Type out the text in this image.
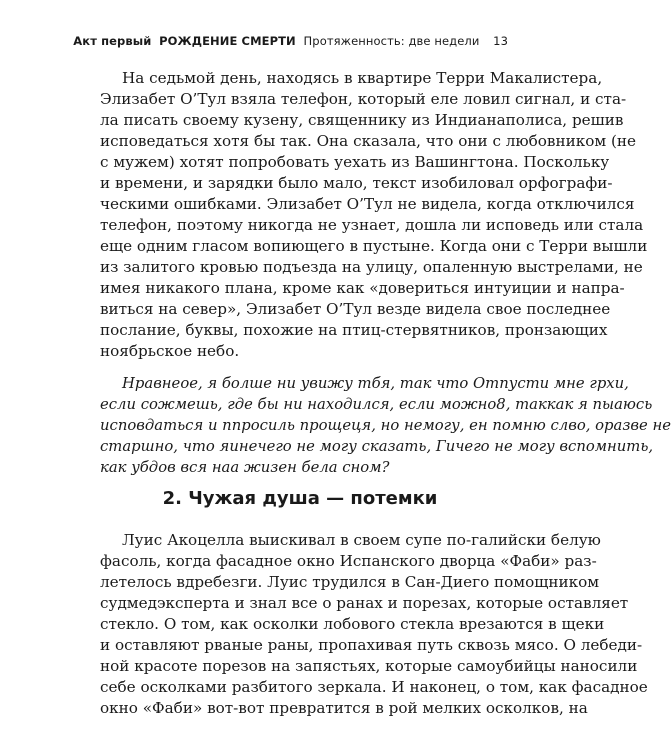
Акт первый РОЖДЕНИЕ СМЕРТИ Протяженность: две недели 13
На седьмой день, находясь в квартире Терри Макалистера,
Элизабет О’Тул взяла телефон, который еле ловил сигнал, и ста-
ла писать своему кузену, священнику из Индианаполиса, решив
исповедаться хотя бы так. Она сказала, что они с любовником (не
с мужем) хотят попробовать уехать из Вашингтона. Поскольку
и времени, и зарядки было мало, текст изобиловал орфографи-
ческими ошибками. Элизабет О’Тул не видела, когда отключился
телефон, поэтому никогда не узнает, дошла ли исповедь или стала
еще одним гласом вопиющего в пустыне. Когда они с Терри вышли
из залитого кровью подъезда на улицу, опаленную выстрелами, не
имея никакого плана, кроме как «довериться интуиции и напра-
виться на север», Элизабет О’Тул везде видела свое последнее
послание, буквы, похожие на птиц-стервятников, пронзающих
ноябрьское небо.
Нравнеое, я болше ни увижу тбя, так что Отпусти мне грхи,
если сожмешь, где бы ни находился, если можно8, таккак я пыаюсь
исповдаться и ппросиль прощеця, но немогу, ен помню слво, оразве не
старшно, что яинечего не могу сказать, Гичего не могу вспомнить,
как убдов вся наа жизен бела сном?
2. Чужая душа — потемки
Луис Акоцелла выискивал в своем супе по-галийски белую
фасоль, когда фасадное окно Испанского дворца «Фаби» раз-
летелось вдребезги. Луис трудился в Сан-Диего помощником
судмедэксперта и знал все о ранах и порезах, которые оставляет
стекло. О том, как осколки лобового стекла врезаются в щеки
и оставляют рваные раны, пропахивая путь сквозь мясо. О лебеди-
ной красоте порезов на запястьях, которые самоубийцы наносили
себе осколками разбитого зеркала. И наконец, о том, как фасадное
окно «Фаби» вот-вот превратится в рой мелких осколков, на
